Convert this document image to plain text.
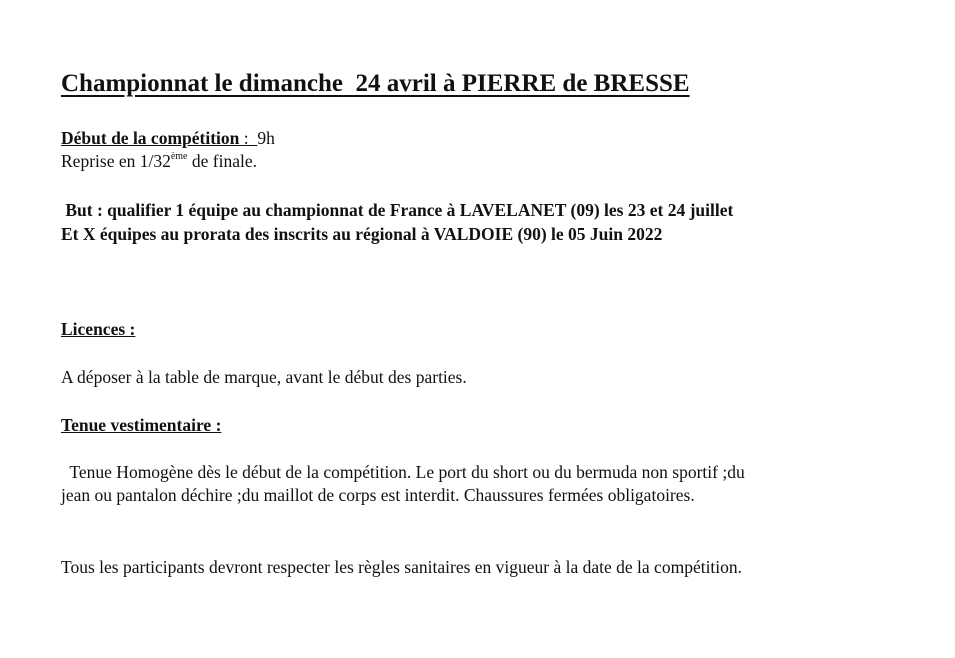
Championnat le dimanche  24 avril à PIERRE de BRESSE
Début de la compétition :  9h
Reprise en 1/32ème de finale.
But : qualifier 1 équipe au championnat de France à LAVELANET (09) les 23 et 24 juillet
Et X équipes au prorata des inscrits au régional à VALDOIE (90) le 05 Juin 2022
Licences :
A déposer à la table de marque, avant le début des parties.
Tenue vestimentaire :
Tenue Homogène dès le début de la compétition. Le port du short ou du bermuda non sportif ;du
jean ou pantalon déchire ;du maillot de corps est interdit. Chaussures fermées obligatoires.
Tous les participants devront respecter les règles sanitaires en vigueur à la date de la compétition.
